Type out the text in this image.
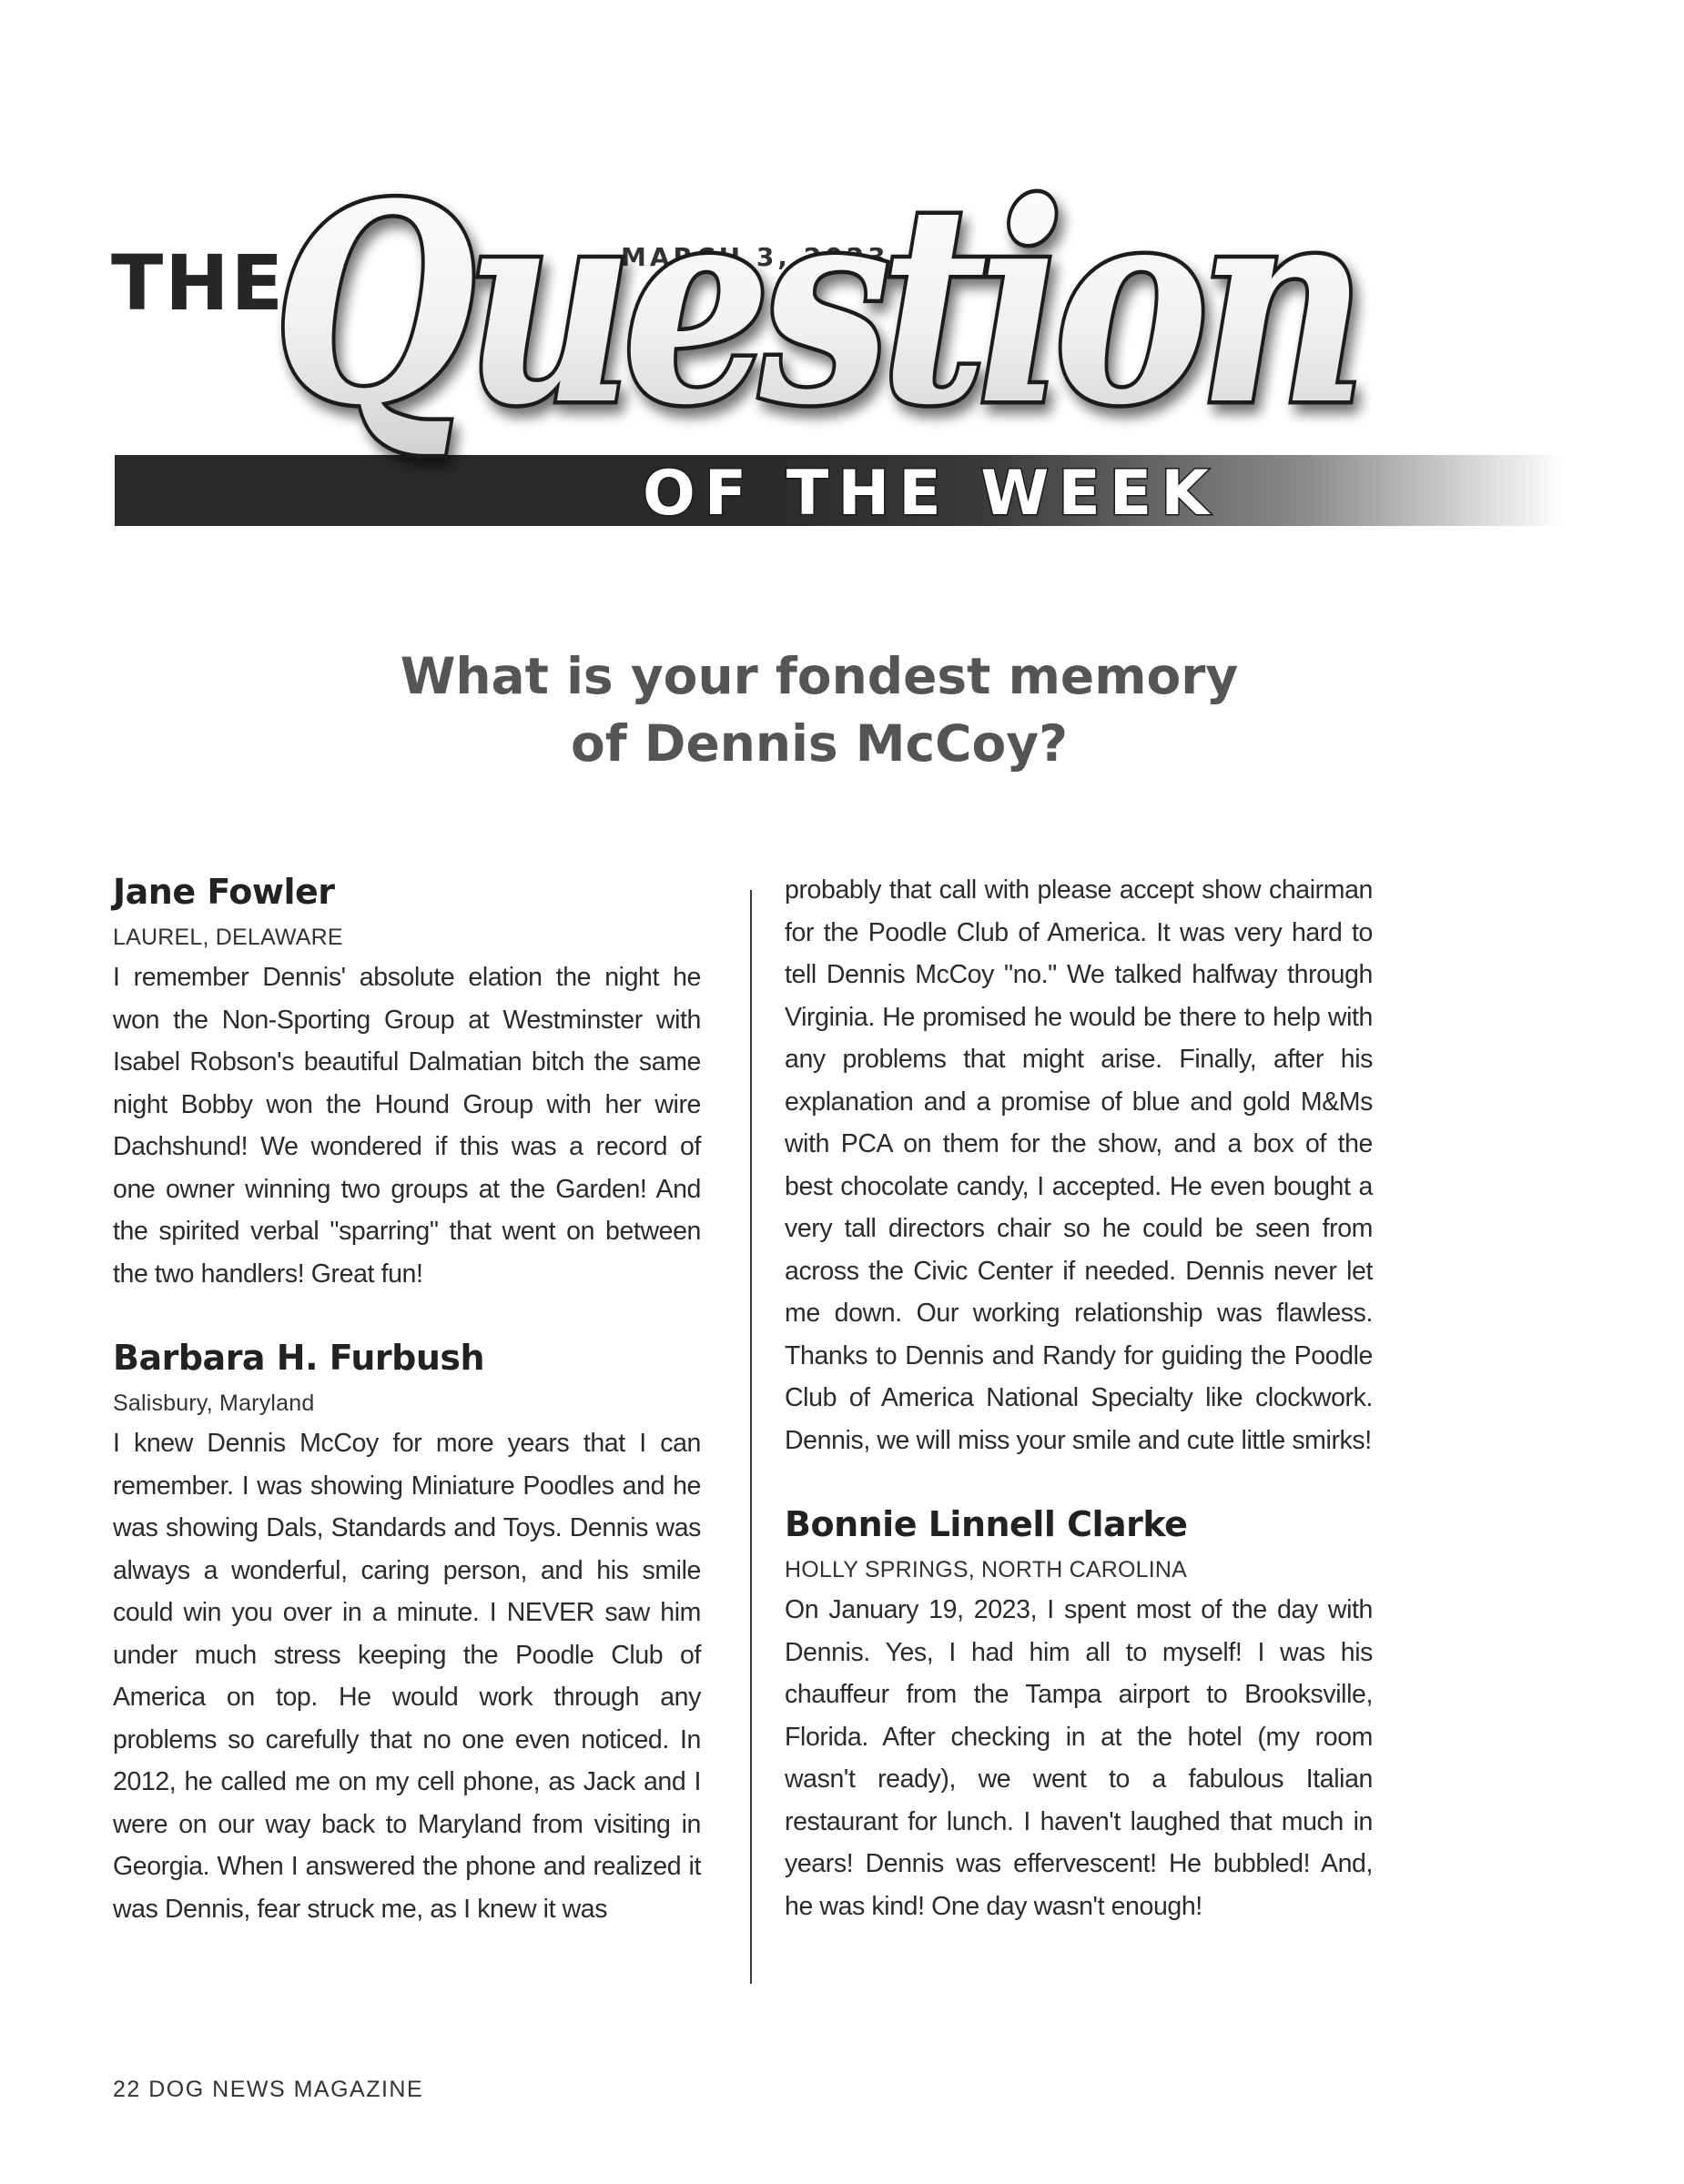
THE	MARCH 3, 2023
Question
OF THE WEEK
What is your fondest memory
of Dennis McCoy?
Jane Fowler
LAUREL, DELAWARE

I remember Dennis' absolute elation the night he won the Non-Sporting Group at Westminster with Isabel Robson's beautiful Dalmatian bitch the same night Bobby won the Hound Group with her wire Dachshund! We wondered if this was a record of one owner winning two groups at the Garden! And the spirited verbal "sparring" that went on between the two handlers! Great fun!

Barbara H. Furbush
Salisbury, Maryland

I knew Dennis McCoy for more years that I can remember. I was showing Miniature Poodles and he was showing Dals, Standards and Toys. Dennis was always a wonderful, caring person, and his smile could win you over in a minute. I NEVER saw him under much stress keeping the Poodle Club of America on top. He would work through any problems so carefully that no one even noticed. In 2012, he called me on my cell phone, as Jack and I were on our way back to Maryland from visiting in Georgia. When I answered the phone and realized it was Dennis, fear struck me, as I knew it was

probably that call with please accept show chairman for the Poodle Club of America. It was very hard to tell Dennis McCoy "no." We talked halfway through Virginia. He promised he would be there to help with any problems that might arise. Finally, after his explanation and a promise of blue and gold M&Ms with PCA on them for the show, and a box of the best chocolate candy, I accepted. He even bought a very tall directors chair so he could be seen from across the Civic Center if needed. Dennis never let me down. Our working relationship was flawless. Thanks to Dennis and Randy for guiding the Poodle Club of America National Specialty like clockwork. Dennis, we will miss your smile and cute little smirks!

Bonnie Linnell Clarke
HOLLY SPRINGS, NORTH CAROLINA

On January 19, 2023, I spent most of the day with Dennis. Yes, I had him all to myself! I was his chauffeur from the Tampa airport to Brooksville, Florida. After checking in at the hotel (my room wasn't ready), we went to a fabulous Italian restaurant for lunch. I haven't laughed that much in years! Dennis was effervescent! He bubbled! And, he was kind! One day wasn't enough!

22 DOG NEWS MAGAZINE
